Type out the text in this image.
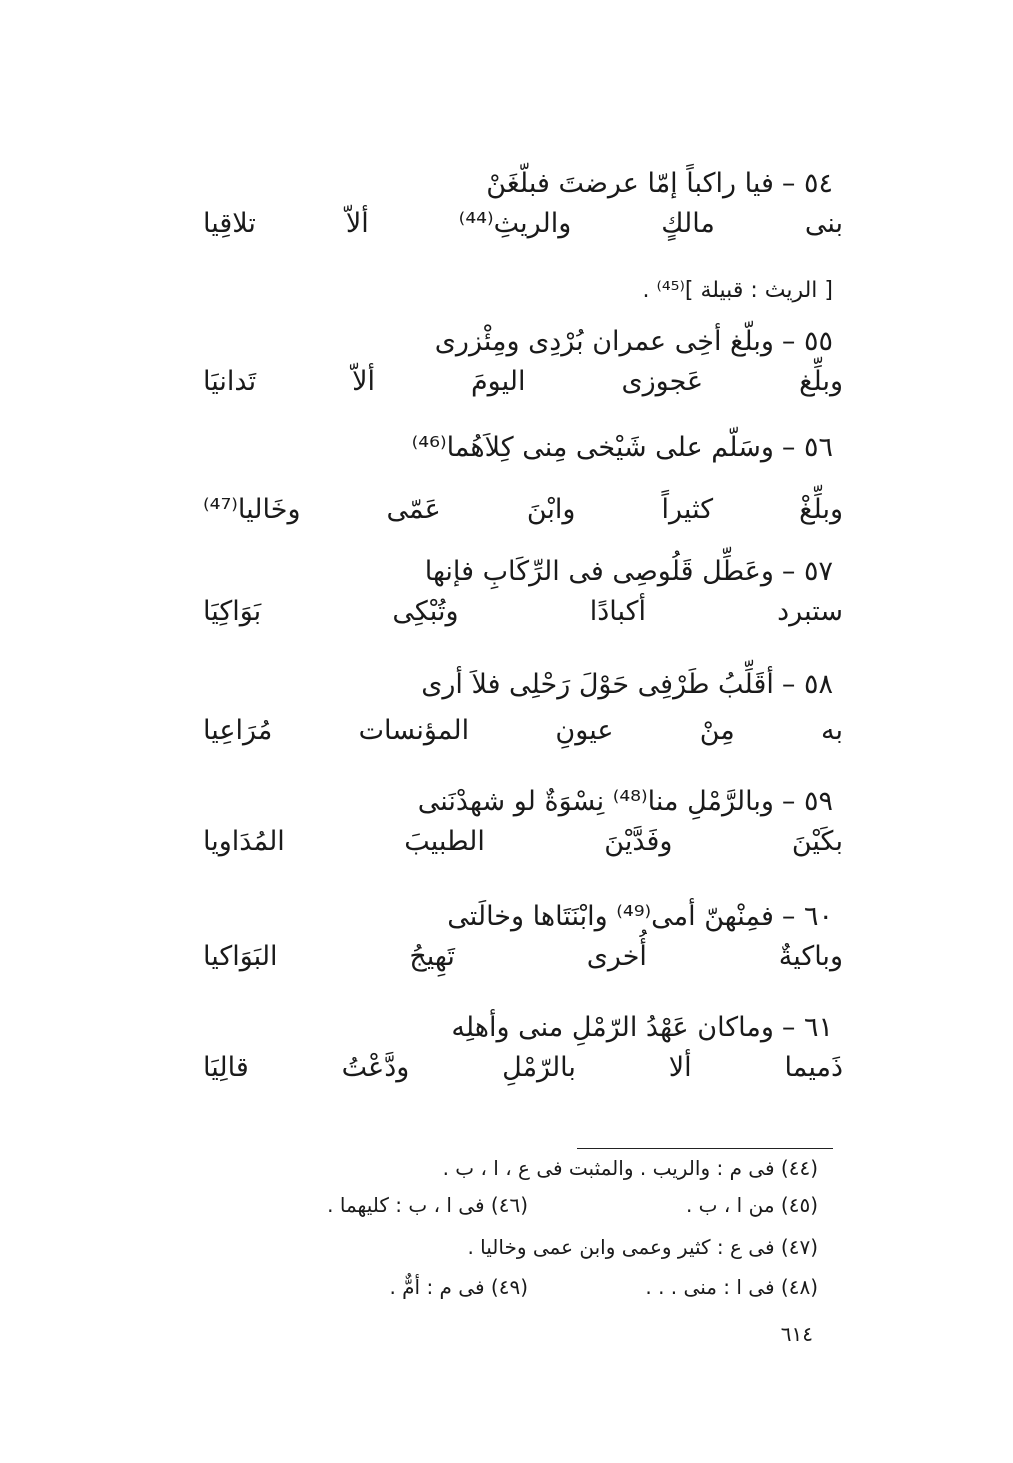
٥٤ –فيا راكباً إمّا عرضتَ فبلّغَنْ
بنى مالكٍ والريثِ⁽⁴⁴⁾ ألاّ تلاقِيا
[ الريث : قبيلة ]⁽⁴⁵⁾ .
٥٥ –وبلّغ أخِى عمران بُرْدِى ومِئْزرى
وبلِّغ عَجوزى اليومَ ألاّ تَدانيَا
٥٦ –وسَلّم على شَيْخى مِنى كِلاَهُما⁽⁴⁶⁾
وبلِّغْ كثيراً وابْنَ عَمّى وخَاليا⁽⁴⁷⁾
٥٧ –وعَطِّل قَلُوصِى فى الرِّكَابِ فإنها
ستبرد أكبادًا وتُبْكِى بَوَاكِيَا
٥٨ –أقَلِّبُ طَرْفِى حَوْلَ رَحْلِى فلاَ أرى
به مِنْ عيونِ المؤنسات مُرَاعِيا
٥٩ –وبالرَّمْلِ منا⁽⁴⁸⁾ نِسْوَةٌ لو شهدْنَنى
بكَيْنَ وفَدَّيْنَ الطبيبَ المُدَاويا
٦٠ –فمِنْهنّ أمى⁽⁴⁹⁾ وابْنَتَاها وخالَتى
وباكيةٌ أُخرى تَهِيجُ البَوَاكيا
٦١ –وماكان عَهْدُ الرّمْلِ منى وأهلِه
ذَميما ألا بالرّمْلِ ودَّعْتُ قالِيَا
(٤٤) فى م : والريب . والمثبت فى ع ، ا ، ب .
(٤٥) من ا ، ب .
(٤٦) فى ا ، ب : كليهما .
(٤٧) فى ع : كثير وعمى وابن عمى وخاليا .
(٤٨) فى ا : منى . . .
(٤٩) فى م : أمٌّ .
٦١٤
